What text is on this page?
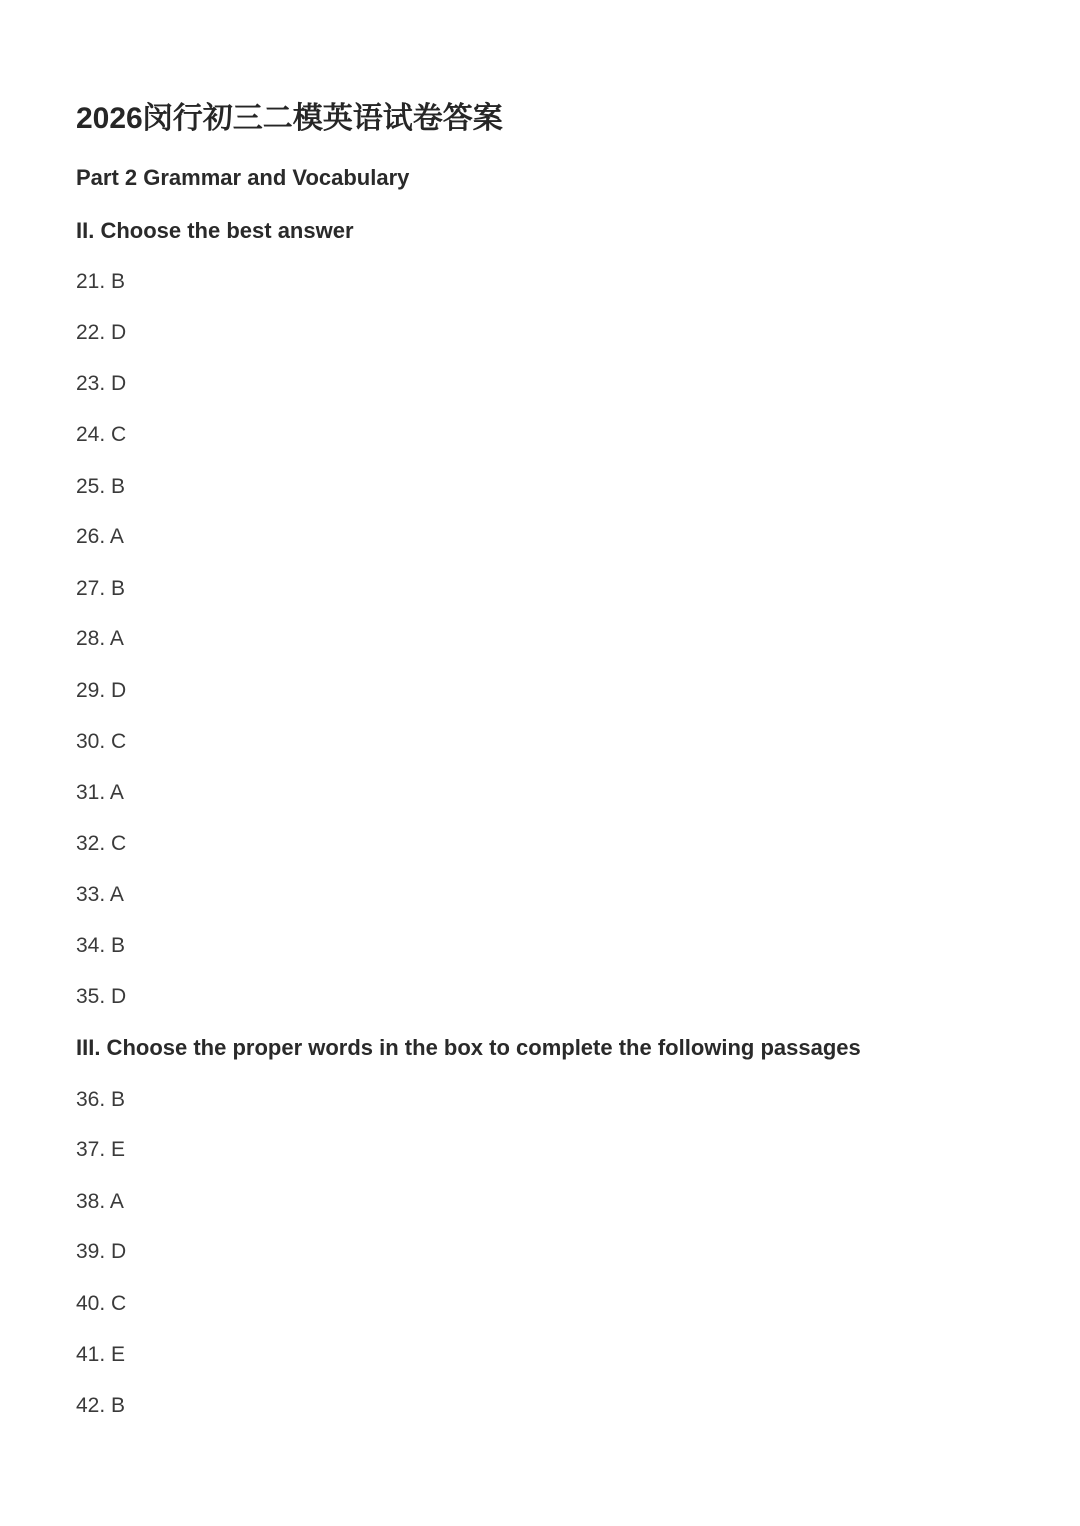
2026闵行初三二模英语试卷答案
Part 2 Grammar and Vocabulary
II. Choose the best answer

21. B

22. D

23. D

24. C

25. B

26. A

27. B

28. A

29. D

30. C

31. A

32. C

33. A

34. B

35. D

III. Choose the proper words in the box to complete the following passages

36. B

37. E

38. A

39. D

40. C

41. E

42. B
